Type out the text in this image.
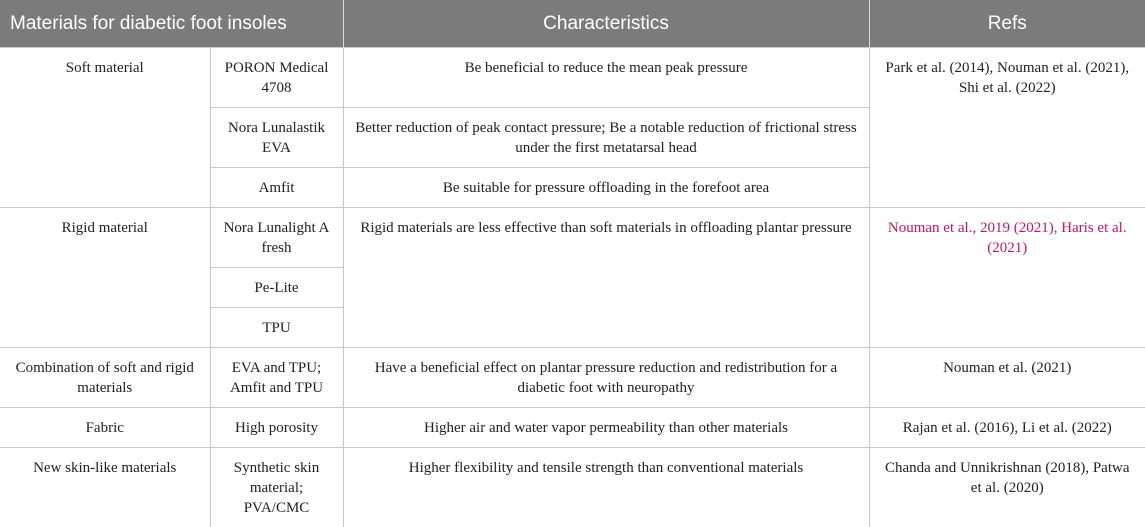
Materials for diabetic foot insoles		Characteristics	Refs
Soft material	PORON Medical 4708	Be beneficial to reduce the mean peak pressure	Park et al. (2014), Nouman et al. (2021), Shi et al. (2022)
	Nora Lunalastik EVA	Better reduction of peak contact pressure; Be a notable reduction of frictional stress under the first metatarsal head	
	Amfit	Be suitable for pressure offloading in the forefoot area	
Rigid material	Nora Lunalight A fresh	Rigid materials are less effective than soft materials in offloading plantar pressure	Nouman et al., 2019 (2021), Haris et al. (2021)
	Pe-Lite		
	TPU		
Combination of soft and rigid materials	EVA and TPU; Amfit and TPU	Have a beneficial effect on plantar pressure reduction and redistribution for a diabetic foot with neuropathy	Nouman et al. (2021)
Fabric	High porosity	Higher air and water vapor permeability than other materials	Rajan et al. (2016), Li et al. (2022)
New skin-like materials	Synthetic skin material; PVA/CMC	Higher flexibility and tensile strength than conventional materials	Chanda and Unnikrishnan (2018), Patwa et al. (2020)
